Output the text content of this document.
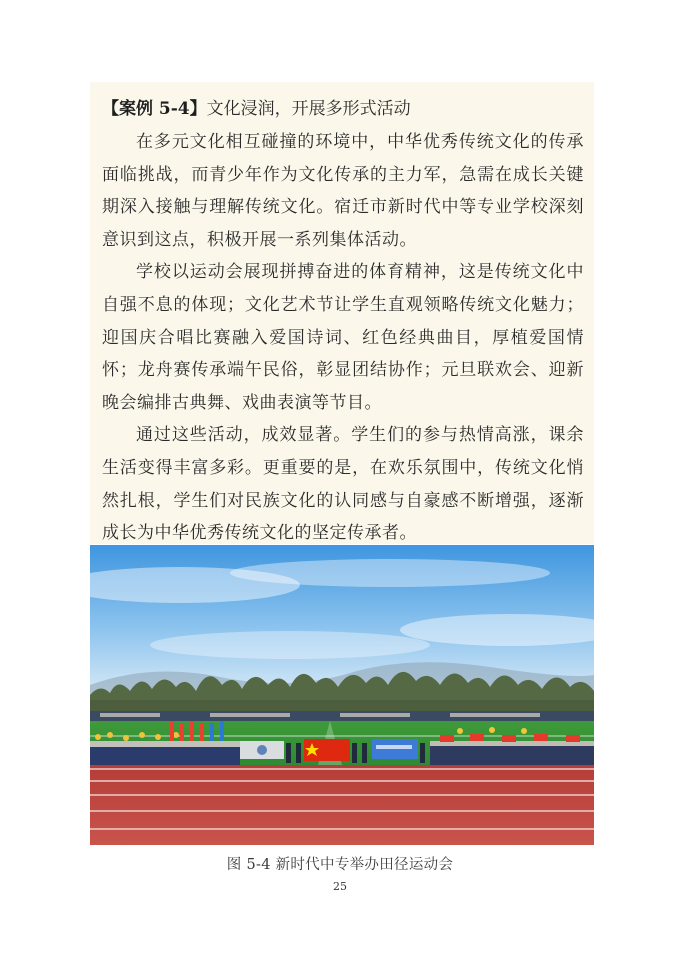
【案例 5-4】文化浸润，开展多形式活动

在多元文化相互碰撞的环境中，中华优秀传统文化的传承面临挑战，而青少年作为文化传承的主力军，急需在成长关键期深入接触与理解传统文化。宿迁市新时代中等专业学校深刻意识到这点，积极开展一系列集体活动。

学校以运动会展现拼搏奋进的体育精神，这是传统文化中自强不息的体现；文化艺术节让学生直观领略传统文化魅力；迎国庆合唱比赛融入爱国诗词、红色经典曲目，厚植爱国情怀；龙舟赛传承端午民俗，彰显团结协作；元旦联欢会、迎新晚会编排古典舞、戏曲表演等节目。

通过这些活动，成效显著。学生们的参与热情高涨，课余生活变得丰富多彩。更重要的是，在欢乐氛围中，传统文化悄然扎根，学生们对民族文化的认同感与自豪感不断增强，逐渐成长为中华优秀传统文化的坚定传承者。

图 5-4 新时代中专举办田径运动会
25
